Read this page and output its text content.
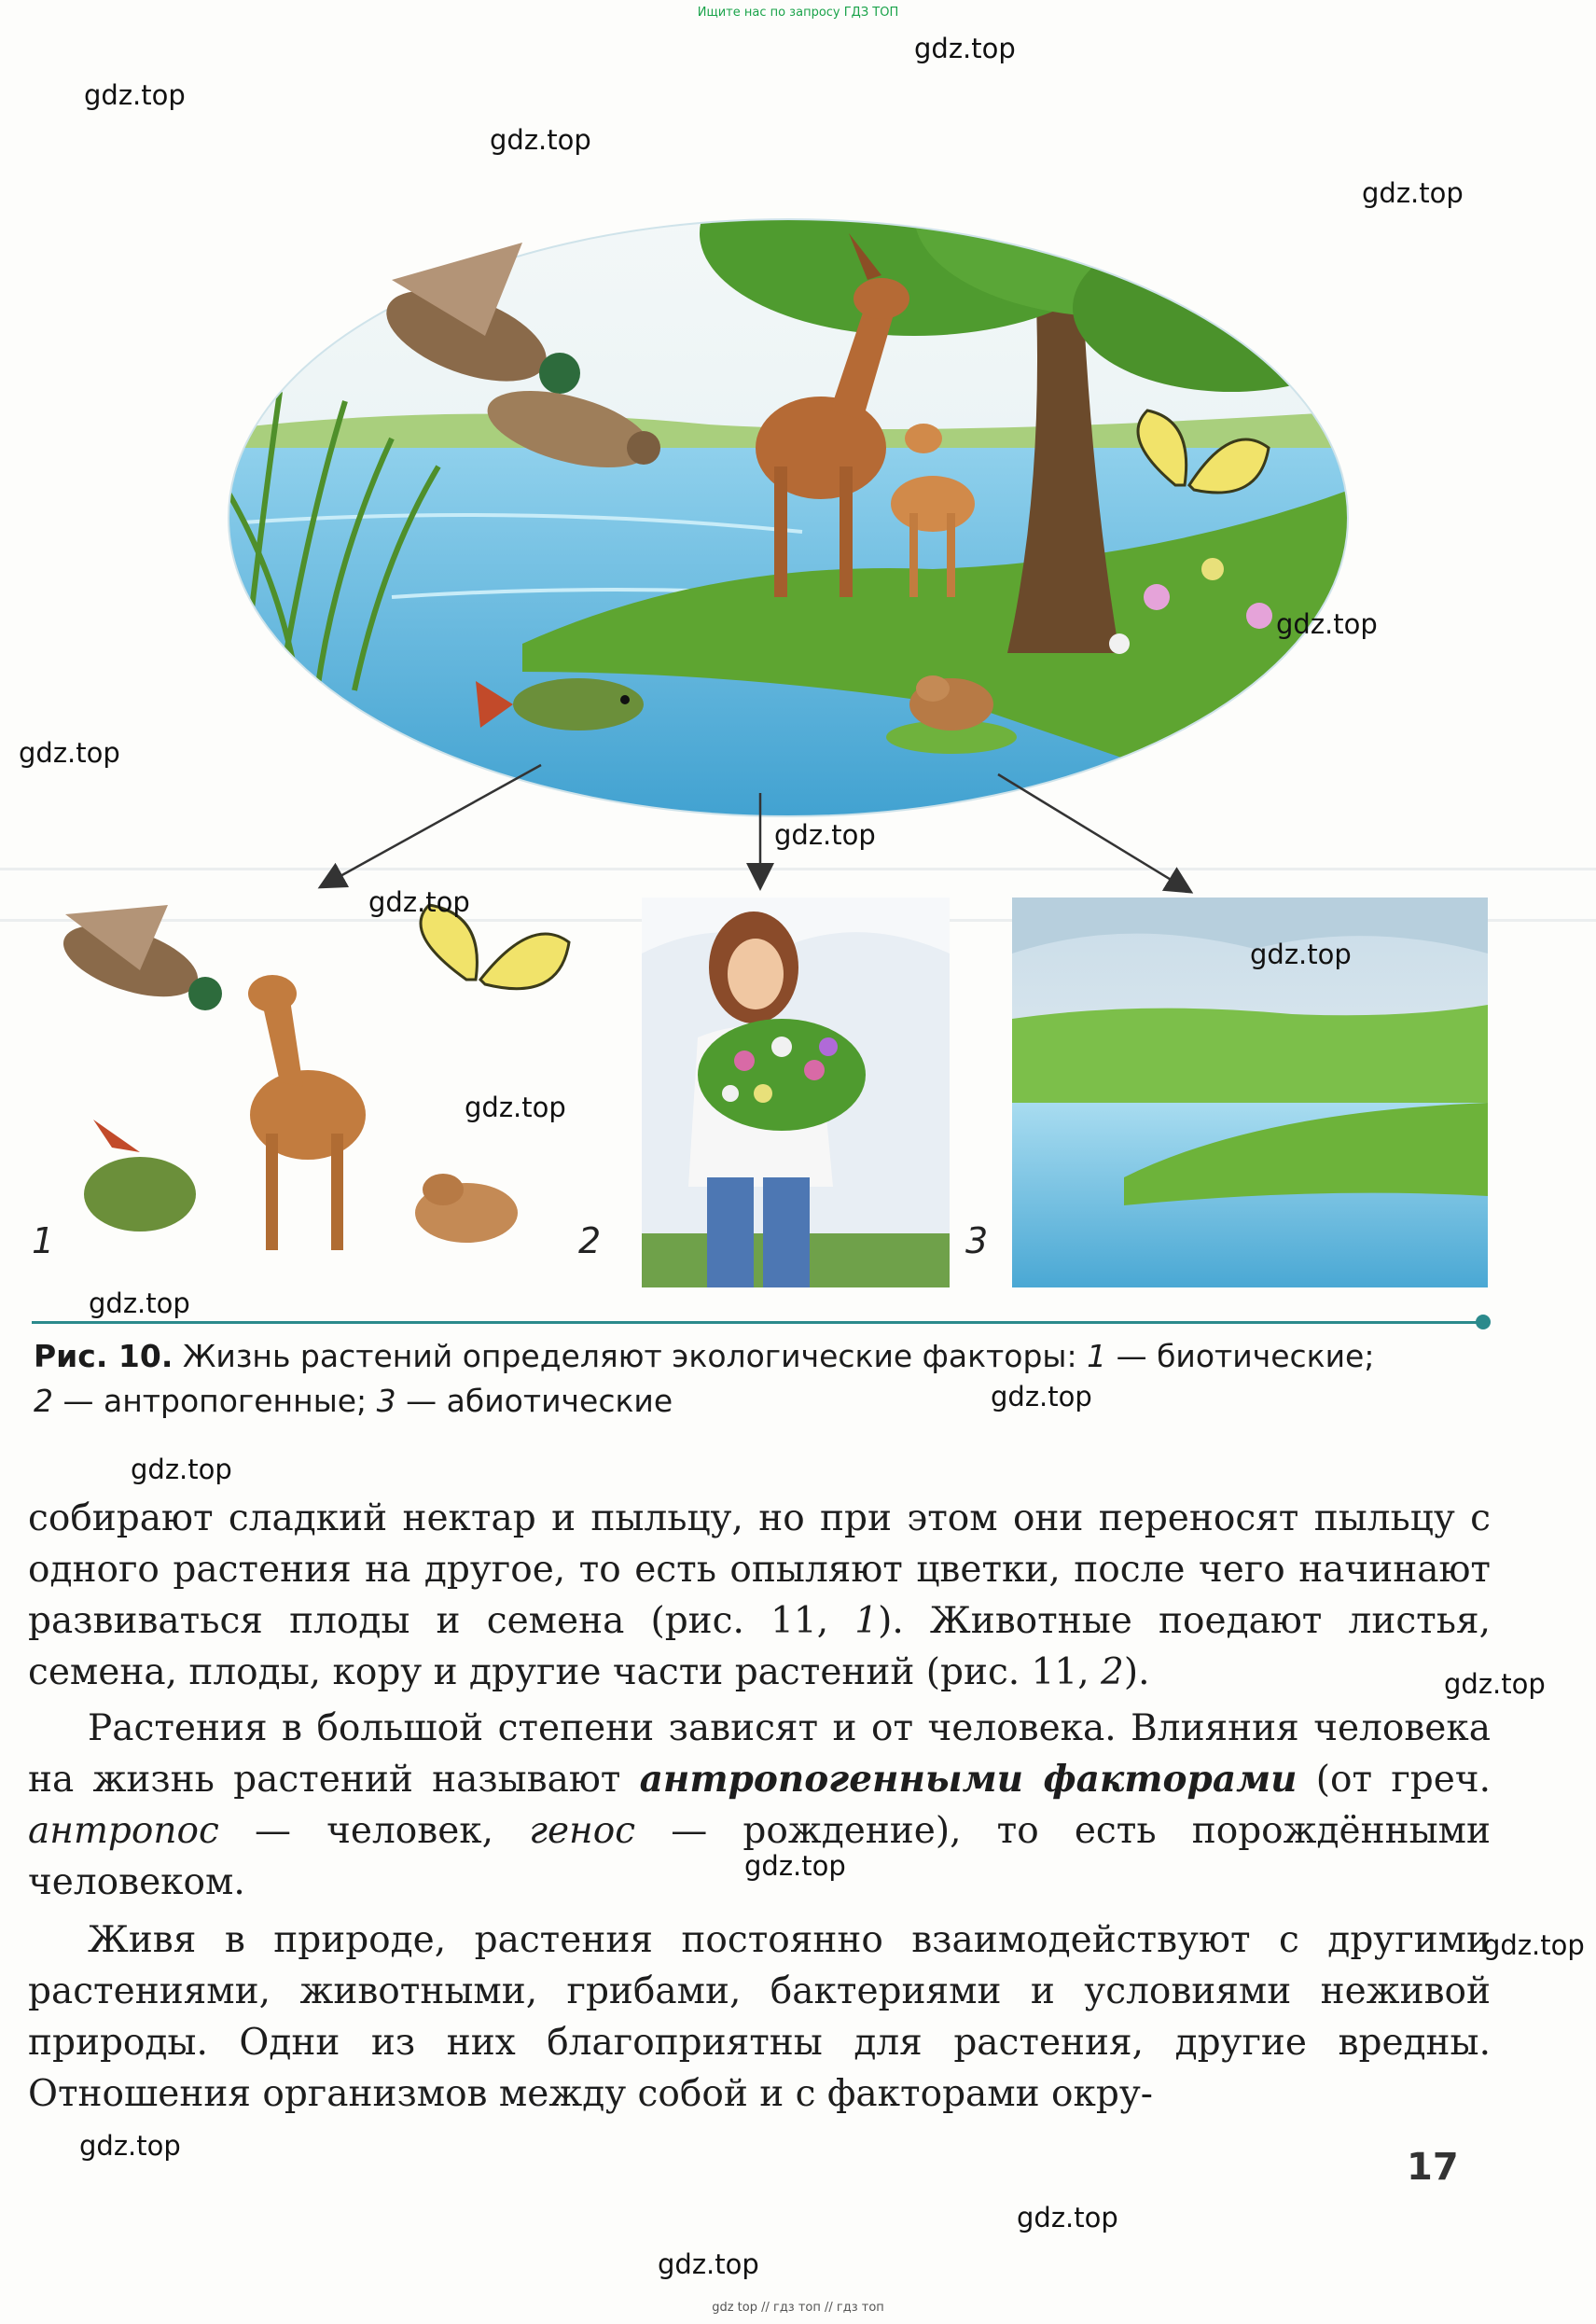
Ищите нас по запросу ГДЗ ТОП
1	2	3
Рис. 10. Жизнь растений определяют экологические факторы: 1 — биотические;
2 — антропогенные; 3 — абиотические
собирают сладкий нектар и пыльцу, но при этом они переносят пыльцу с одного растения на другое, то есть опыляют цветки, после чего начинают развиваться плоды и семена (рис. 11, 1). Животные поедают листья, семена, плоды, кору и другие части растений (рис. 11, 2).
Растения в большой степени зависят и от человека. Влияния человека на жизнь растений называют антропогенными факторами (от греч. антропос — человек, генос — рождение), то есть порождёнными человеком.
Живя в природе, растения постоянно взаимодействуют с другими растениями, животными, грибами, бактериями и условиями неживой природы. Одни из них благоприятны для растения, другие вредны. Отношения организмов между собой и с факторами окру-
17
gdz.top
gdz.top
gdz.top
gdz.top
gdz.top
gdz.top
gdz.top
gdz.top
gdz.top
gdz.top
gdz.top
gdz.top
gdz.top
gdz.top
gdz.top
gdz.top
gdz.top
gdz.top
gdz.top
gdz top // гдз топ // гдз топ
